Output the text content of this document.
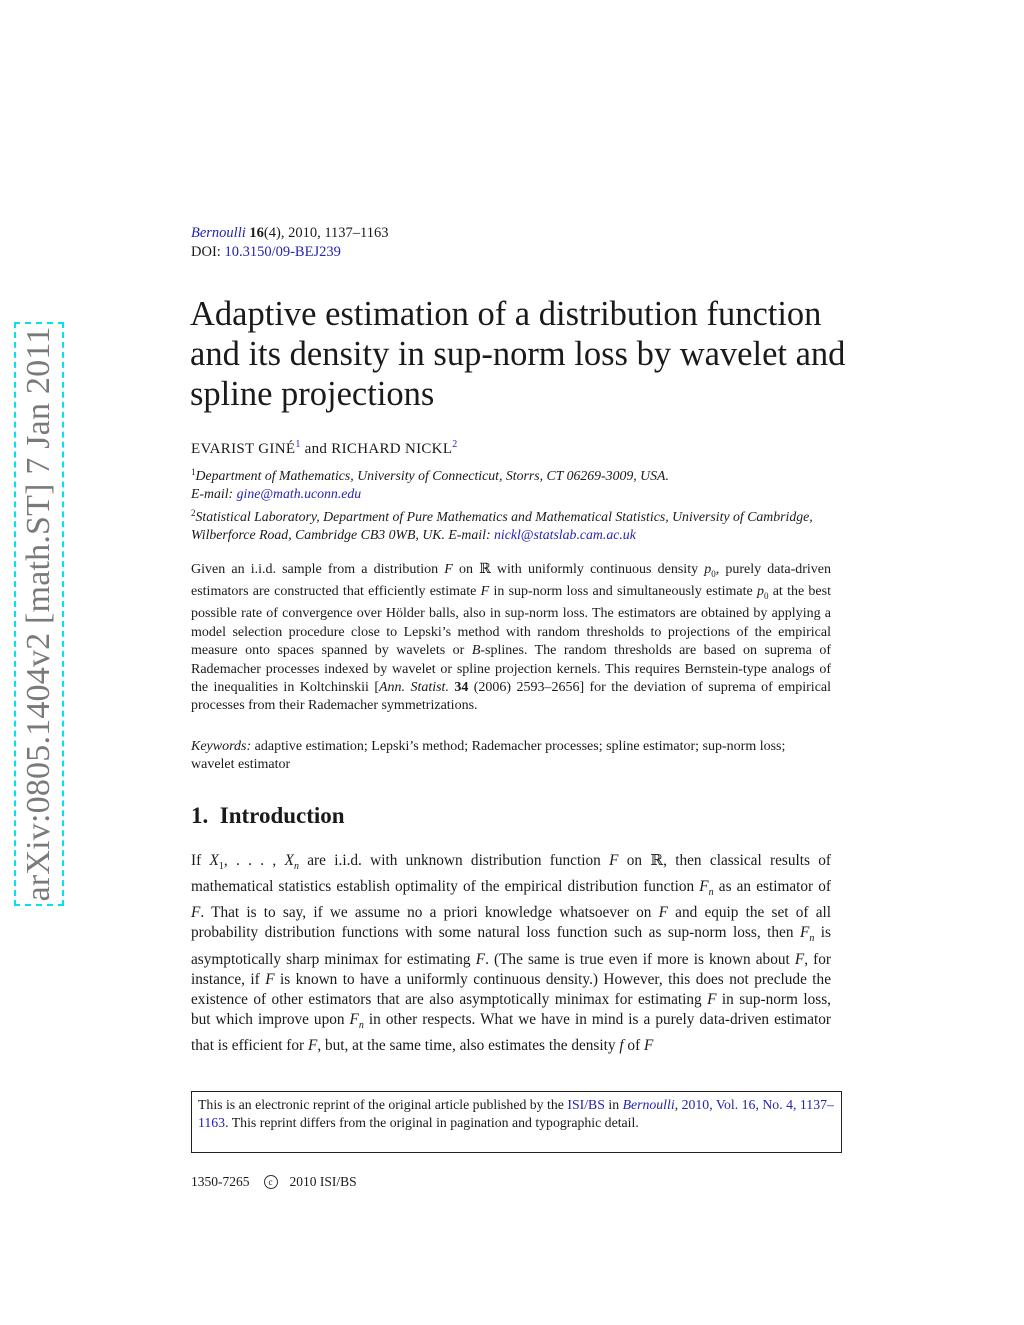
arXiv:0805.1404v2 [math.ST] 7 Jan 2011
Bernoulli 16(4), 2010, 1137–1163
DOI: 10.3150/09-BEJ239
Adaptive estimation of a distribution function and its density in sup-norm loss by wavelet and spline projections
EVARIST GINÉ$^1$ and RICHARD NICKL$^2$
$^1$Department of Mathematics, University of Connecticut, Storrs, CT 06269-3009, USA.
E-mail: gine@math.uconn.edu
$^2$Statistical Laboratory, Department of Pure Mathematics and Mathematical Statistics, University of Cambridge, Wilberforce Road, Cambridge CB3 0WB, UK. E-mail: nickl@statslab.cam.ac.uk

Given an i.i.d. sample from a distribution F on ℝ with uniformly continuous density $p_0$, purely data-driven estimators are constructed that efficiently estimate F in sup-norm loss and simultaneously estimate $p_0$ at the best possible rate of convergence over Hölder balls, also in sup-norm loss. The estimators are obtained by applying a model selection procedure close to Lepski’s method with random thresholds to projections of the empirical measure onto spaces spanned by wavelets or B-splines. The random thresholds are based on suprema of Rademacher processes indexed by wavelet or spline projection kernels. This requires Bernstein-type analogs of the inequalities in Koltchinskii [Ann. Statist. 34 (2006) 2593–2656] for the deviation of suprema of empirical processes from their Rademacher symmetrizations.

Keywords: adaptive estimation; Lepski’s method; Rademacher processes; spline estimator; sup-norm loss; wavelet estimator

1. Introduction

If $X_1$, . . . , $X_n$ are i.i.d. with unknown distribution function F on ℝ, then classical results of mathematical statistics establish optimality of the empirical distribution function $F_n$ as an estimator of F. That is to say, if we assume no a priori knowledge whatsoever on F and equip the set of all probability distribution functions with some natural loss function such as sup-norm loss, then $F_n$ is asymptotically sharp minimax for estimating F. (The same is true even if more is known about F, for instance, if F is known to have a uniformly continuous density.) However, this does not preclude the existence of other estimators that are also asymptotically minimax for estimating F in sup-norm loss, but which improve upon $F_n$ in other respects. What we have in mind is a purely data-driven estimator that is efficient for F, but, at the same time, also estimates the density f of F

This is an electronic reprint of the original article published by the ISI/BS in Bernoulli, 2010, Vol. 16, No. 4, 1137–1163. This reprint differs from the original in pagination and typographic detail.
1350-7265 c 2010 ISI/BS
